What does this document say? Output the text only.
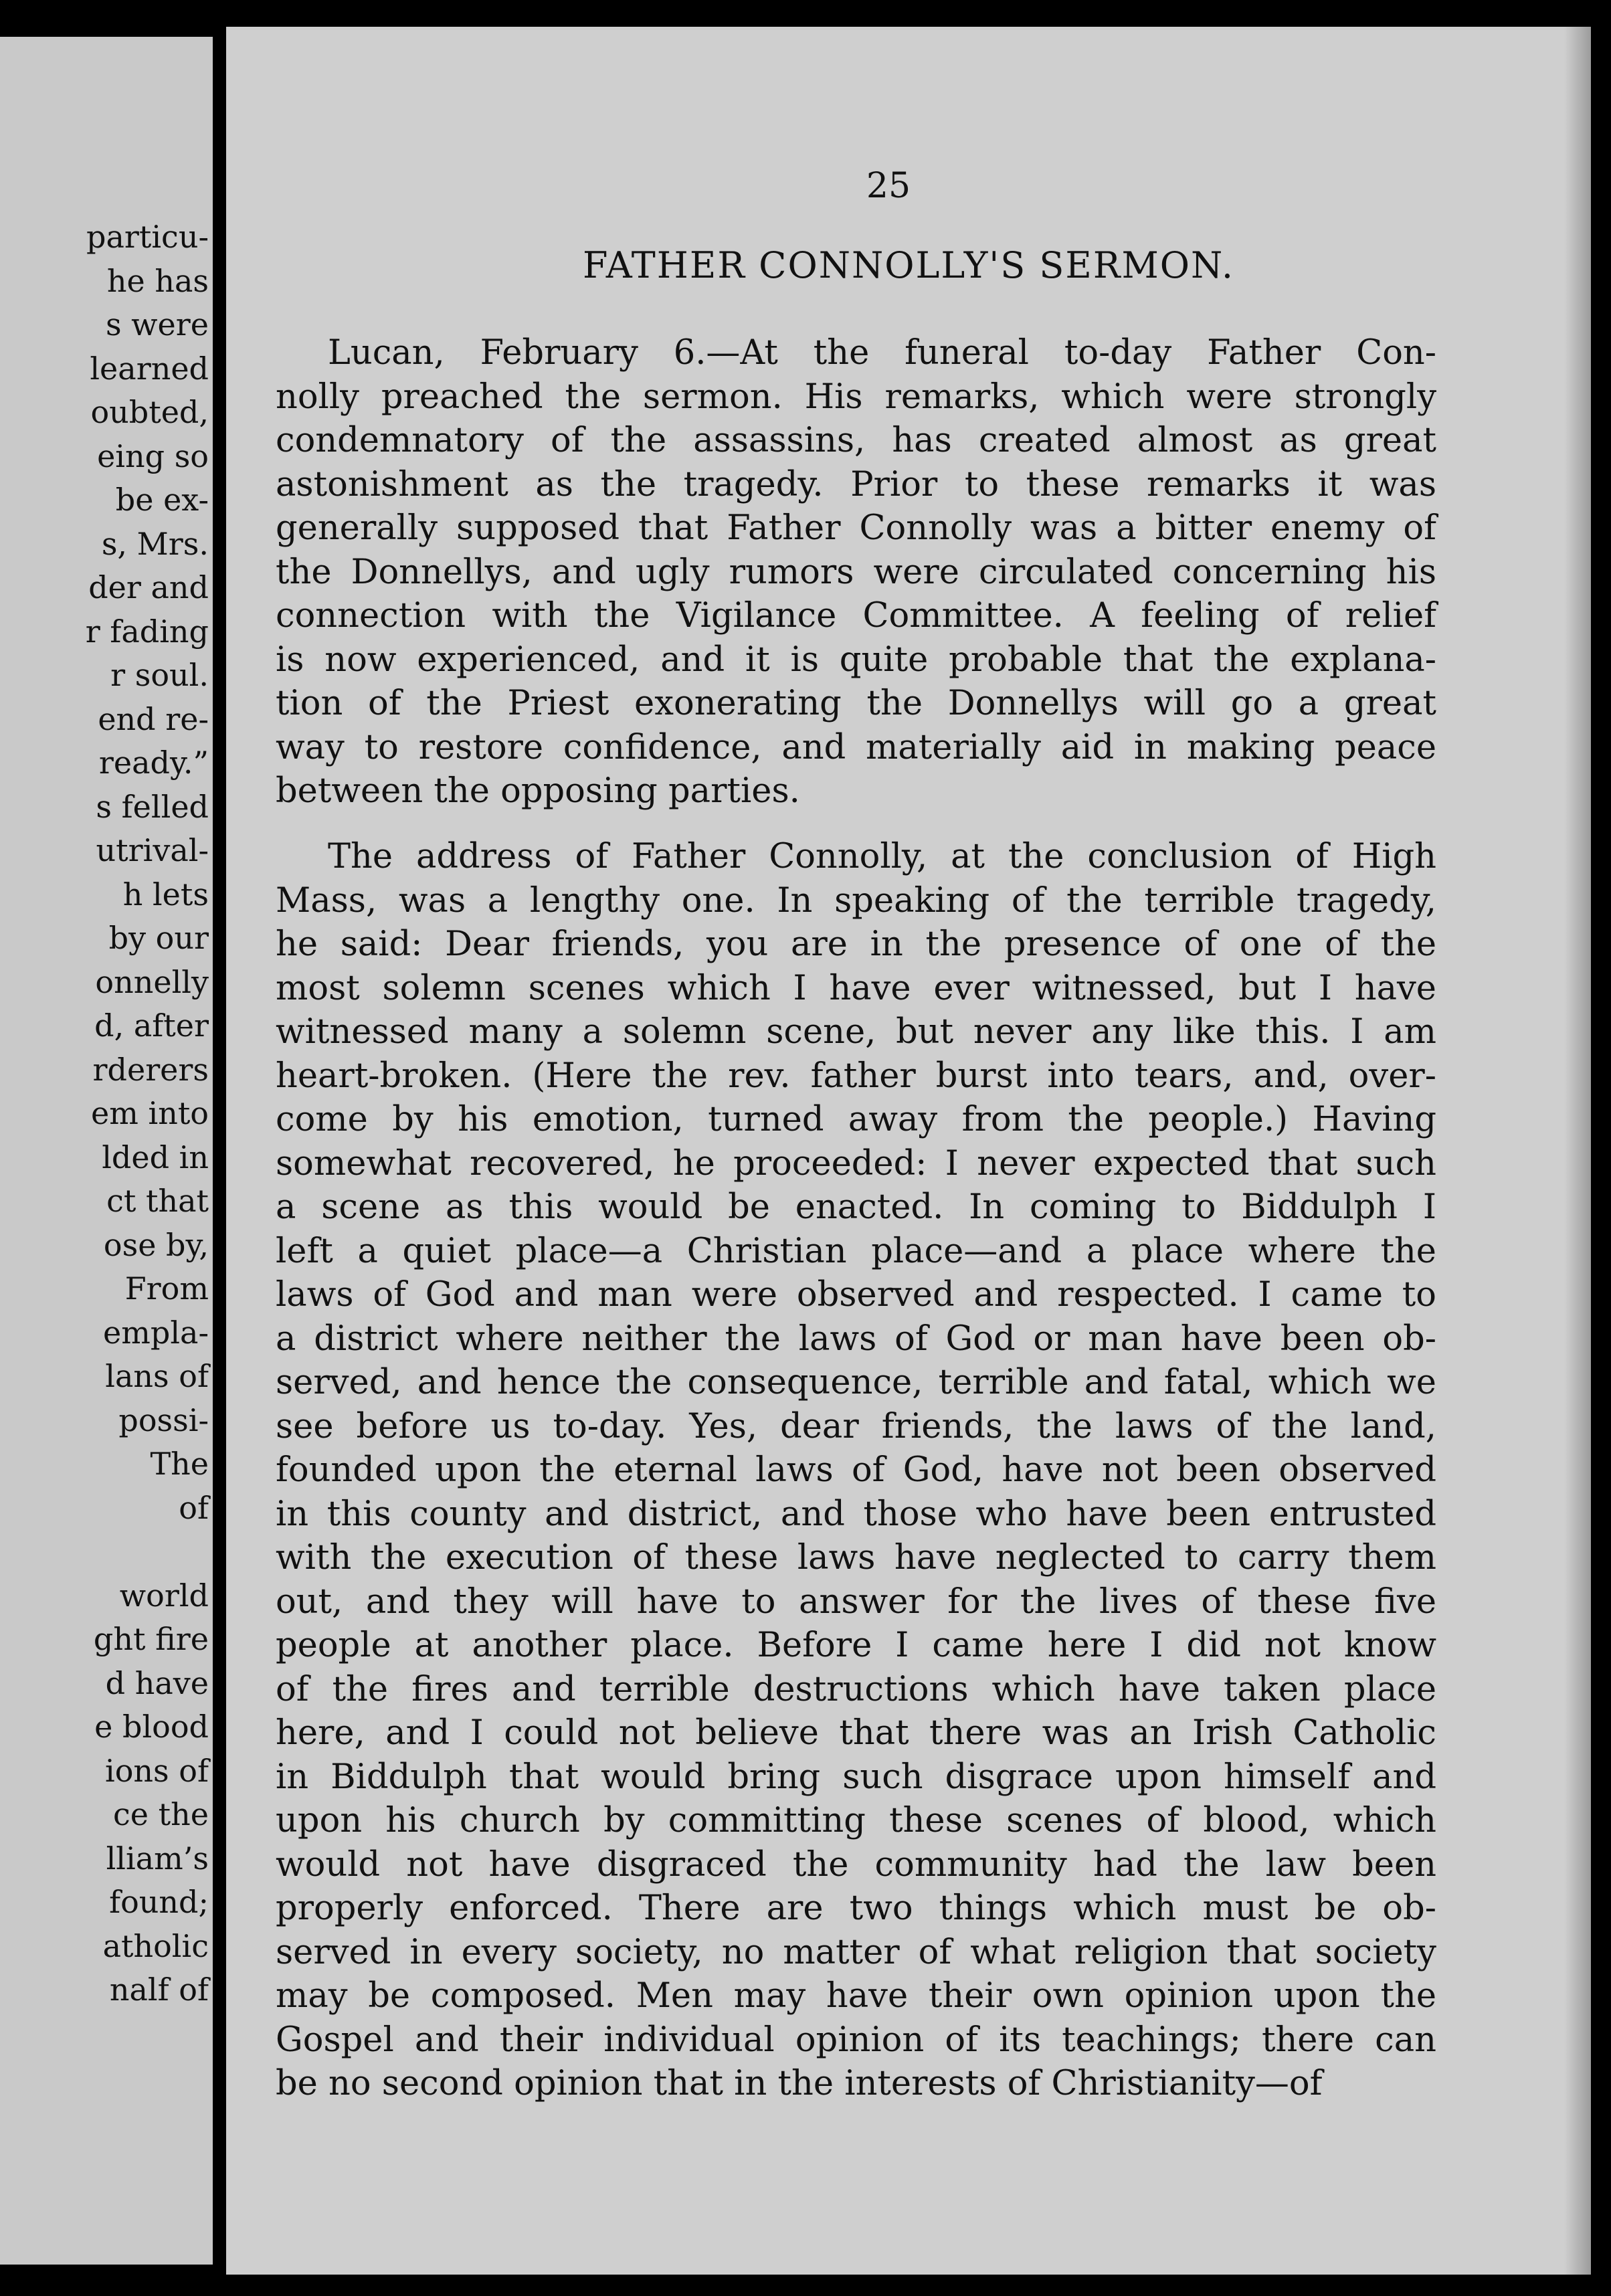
particu-
he has
s were
learned
oubted,
eing so
be ex-
s, Mrs.
der and
r fading
r soul.
end re-
ready.”
s felled
utrival-
h lets
by our
onnelly
d, after
rderers
em into
lded in
ct that
ose by,
From
empla-
lans of
possi-
The
of

world
ght fire
d have
e blood
ions of
ce the
lliam’s
found;
atholic
nalf of
25
FATHER CONNOLLY'S SERMON.
Lucan, February 6.—At the funeral to-day Father Con-
nolly preached the sermon. His remarks, which were strongly
condemnatory of the assassins, has created almost as great
astonishment as the tragedy. Prior to these remarks it was
generally supposed that Father Connolly was a bitter enemy of
the Donnellys, and ugly rumors were circulated concerning his
connection with the Vigilance Committee. A feeling of relief
is now experienced, and it is quite probable that the explana-
tion of the Priest exonerating the Donnellys will go a great
way to restore confidence, and materially aid in making peace
between the opposing parties.
The address of Father Connolly, at the conclusion of High
Mass, was a lengthy one. In speaking of the terrible tragedy,
he said: Dear friends, you are in the presence of one of the
most solemn scenes which I have ever witnessed, but I have
witnessed many a solemn scene, but never any like this. I am
heart-broken. (Here the rev. father burst into tears, and, over-
come by his emotion, turned away from the people.) Having
somewhat recovered, he proceeded: I never expected that such
a scene as this would be enacted. In coming to Biddulph I
left a quiet place—a Christian place—and a place where the
laws of God and man were observed and respected. I came to
a district where neither the laws of God or man have been ob-
served, and hence the consequence, terrible and fatal, which we
see before us to-day. Yes, dear friends, the laws of the land,
founded upon the eternal laws of God, have not been observed
in this county and district, and those who have been entrusted
with the execution of these laws have neglected to carry them
out, and they will have to answer for the lives of these five
people at another place. Before I came here I did not know
of the fires and terrible destructions which have taken place
here, and I could not believe that there was an Irish Catholic
in Biddulph that would bring such disgrace upon himself and
upon his church by committing these scenes of blood, which
would not have disgraced the community had the law been
properly enforced. There are two things which must be ob-
served in every society, no matter of what religion that society
may be composed. Men may have their own opinion upon the
Gospel and their individual opinion of its teachings; there can
be no second opinion that in the interests of Christianity—of
